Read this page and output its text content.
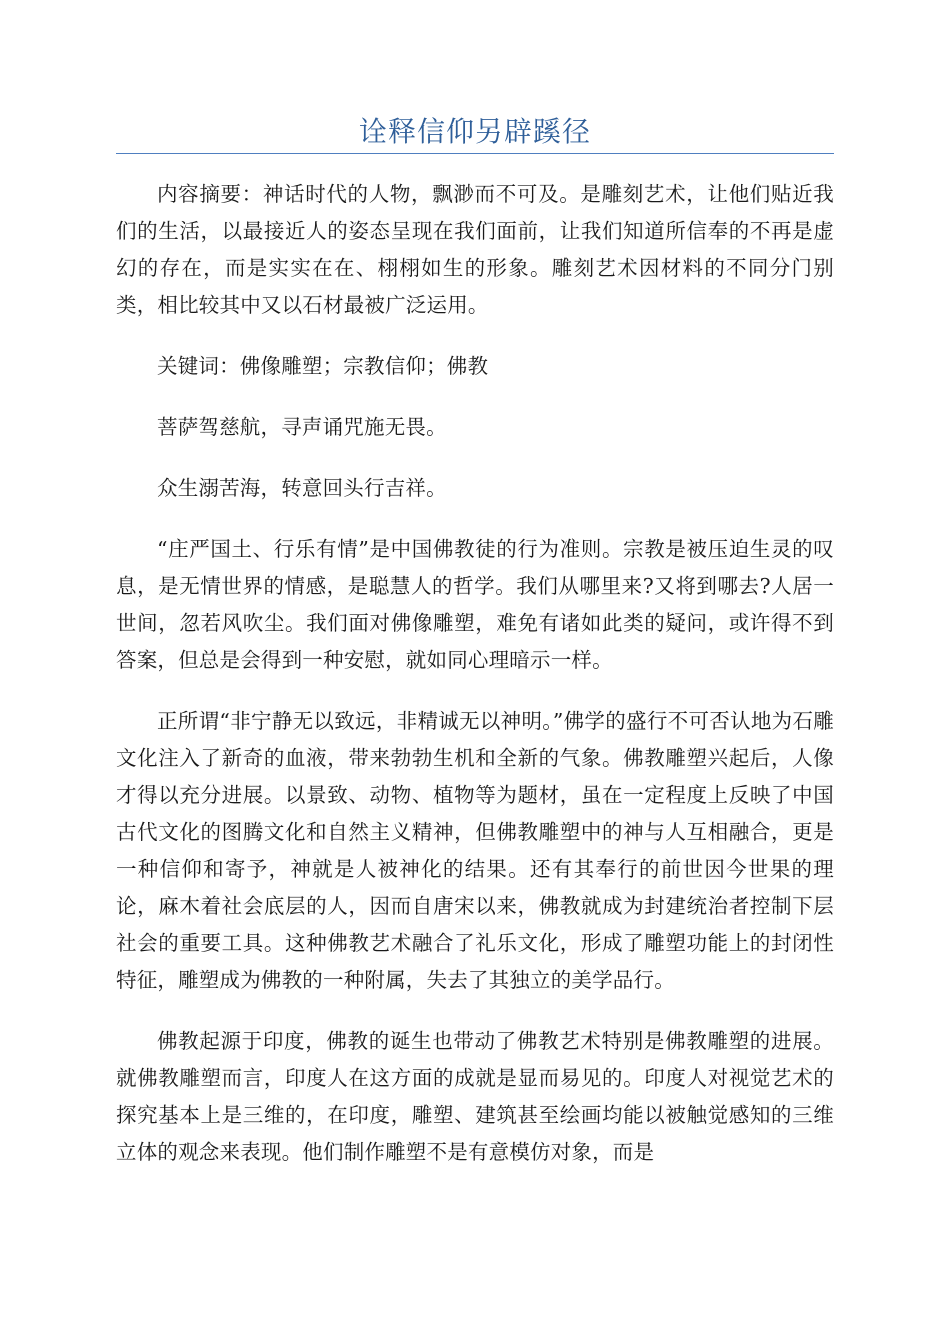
诠释信仰另辟蹊径

内容摘要：神话时代的人物，飘渺而不可及。是雕刻艺术，让他们贴近我们的生活，以最接近人的姿态呈现在我们面前，让我们知道所信奉的不再是虚幻的存在，而是实实在在、栩栩如生的形象。雕刻艺术因材料的不同分门别类，相比较其中又以石材最被广泛运用。

关键词：佛像雕塑；宗教信仰；佛教

菩萨驾慈航，寻声诵咒施无畏。

众生溺苦海，转意回头行吉祥。

“庄严国土、行乐有情”是中国佛教徒的行为准则。宗教是被压迫生灵的叹息，是无情世界的情感，是聪慧人的哲学。我们从哪里来?又将到哪去?人居一世间，忽若风吹尘。我们面对佛像雕塑，难免有诸如此类的疑问，或许得不到答案，但总是会得到一种安慰，就如同心理暗示一样。

正所谓“非宁静无以致远，非精诚无以神明。”佛学的盛行不可否认地为石雕文化注入了新奇的血液，带来勃勃生机和全新的气象。佛教雕塑兴起后，人像才得以充分进展。以景致、动物、植物等为题材，虽在一定程度上反映了中国古代文化的图腾文化和自然主义精神，但佛教雕塑中的神与人互相融合，更是一种信仰和寄予，神就是人被神化的结果。还有其奉行的前世因今世果的理论，麻木着社会底层的人，因而自唐宋以来，佛教就成为封建统治者控制下层社会的重要工具。这种佛教艺术融合了礼乐文化，形成了雕塑功能上的封闭性特征，雕塑成为佛教的一种附属，失去了其独立的美学品行。

佛教起源于印度，佛教的诞生也带动了佛教艺术特别是佛教雕塑的进展。就佛教雕塑而言，印度人在这方面的成就是显而易见的。印度人对视觉艺术的探究基本上是三维的，在印度，雕塑、建筑甚至绘画均能以被触觉感知的三维立体的观念来表现。他们制作雕塑不是有意模仿对象，而是
